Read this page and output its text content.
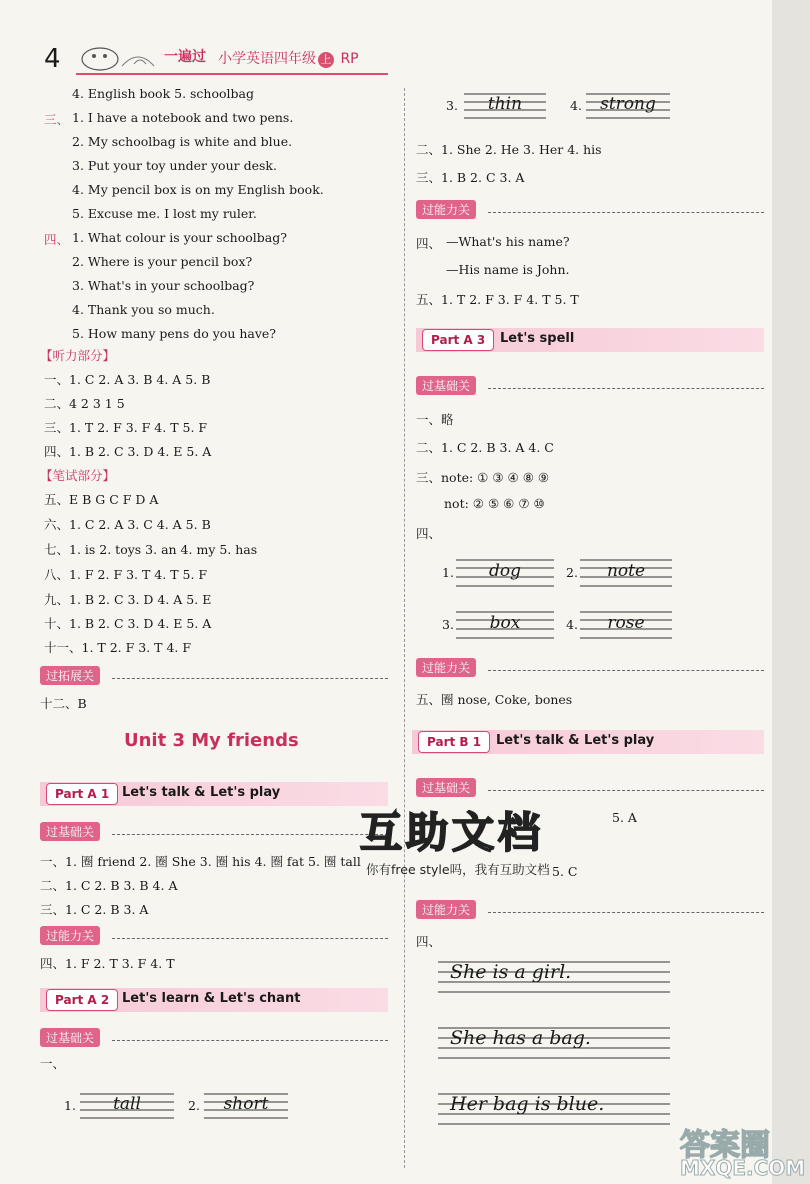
4	一遍过 小学英语四年级 上 RP
4. English book 5. schoolbag
三、 1. I have a notebook and two pens.
2. My schoolbag is white and blue.
3. Put your toy under your desk.
4. My pencil box is on my English book.
5. Excuse me. I lost my ruler.
四、 1. What colour is your schoolbag?
2. Where is your pencil box?
3. What's in your schoolbag?
4. Thank you so much.
5. How many pens do you have?
【听力部分】
一、1. C 2. A 3. B 4. A 5. B
二、4 2 3 1 5
三、1. T 2. F 3. F 4. T 5. F
四、1. B 2. C 3. D 4. E 5. A
【笔试部分】
五、E B G C F D A
六、1. C 2. A 3. C 4. A 5. B
七、1. is 2. toys 3. an 4. my 5. has
八、1. F 2. F 3. T 4. T 5. F
九、1. B 2. C 3. D 4. A 5. E
十、1. B 2. C 3. D 4. E 5. A
十一、1. T 2. F 3. T 4. F
过拓展关
十二、B
Unit 3 My friends
Part A 1 Let's talk & Let's play
过基础关
一、1. 圈 friend 2. 圈 She 3. 圈 his 4. 圈 fat 5. 圈 tall
二、1. C 2. B 3. B 4. A
三、1. C 2. B 3. A
过能力关
四、1. F 2. T 3. F 4. T
Part A 2 Let's learn & Let's chant
过基础关
一、
1.	tall	2.	short
3.	thin	4.	strong
二、1. She 2. He 3. Her 4. his
三、1. B 2. C 3. A
过能力关
四、 —What's his name?
—His name is John.
五、1. T 2. F 3. F 4. T 5. T
Part A 3	Let's spell
过基础关
一、略
二、1. C 2. B 3. A 4. C
三、note: ① ③ ④ ⑧ ⑨
not: ② ⑤ ⑥ ⑦ ⑩
四、
1.	dog	2.	note
3.	box	4.	rose
过能力关
五、圈 nose, Coke, bones
Part B 1	Let's talk & Let's play
过基础关
5. A
5. C
过能力关
四、
She is a girl.
She has a bag.
Her bag is blue.
互助文档
你有free style吗，我有互助文档
答案圈
MXQE.COM
